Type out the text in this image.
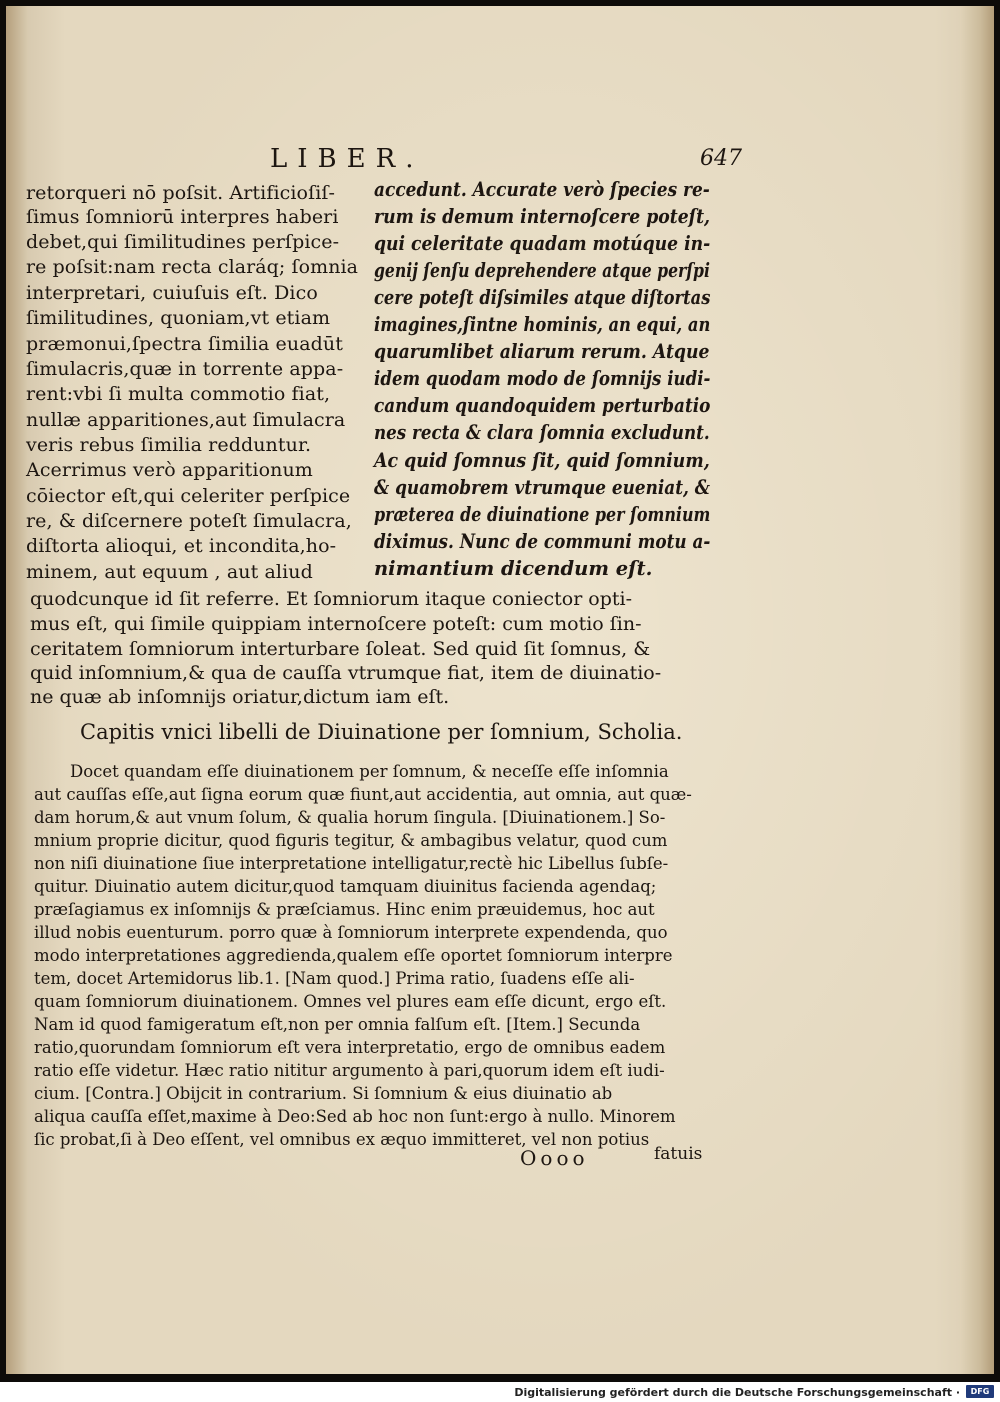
LIBER.	647
retorqueri nō poſsit. Artificioſiſ-
ſimus ſomniorū interpres haberi
debet,qui ſimilitudines perſpice-
re poſsit:nam recta claráq; ſomnia
interpretari, cuiuſuis eſt. Dico
ſimilitudines, quoniam,vt etiam
præmonui,ſpectra ſimilia euadūt
ſimulacris,quæ in torrente appa-
rent:vbi ſi multa commotio fiat,
nullæ apparitiones,aut ſimulacra
veris rebus ſimilia redduntur.
Acerrimus verò apparitionum
cōiector eſt,qui celeriter perſpice
re, & diſcernere poteſt ſimulacra,
diſtorta alioqui, et incondita,ho-
minem, aut equum , aut aliud
accedunt. Accurate verò ſpecies re-
rum is demum internoſcere poteſt,
qui celeritate quadam motúque in-
genij ſenſu deprehendere atque perſpi
cere poteſt diſsimiles atque diſtortas
imagines,ſintne hominis, an equi, an
quarumlibet aliarum rerum. Atque
idem quodam modo de ſomnijs iudi-
candum quandoquidem perturbatio
nes recta & clara ſomnia excludunt.
Ac quid ſomnus ſit, quid ſomnium,
& quamobrem vtrumque eueniat, &
præterea de diuinatione per ſomnium
diximus. Nunc de communi motu a-
nimantium dicendum eſt.
quodcunque id ſit referre. Et ſomniorum itaque coniector opti-
mus eſt, qui ſimile quippiam internoſcere poteſt: cum motio ſin-
ceritatem ſomniorum interturbare ſoleat. Sed quid ſit ſomnus, &
quid inſomnium,& qua de cauſſa vtrumque fiat, item de diuinatio-
ne quæ ab inſomnijs oriatur,dictum iam eſt.
Capitis vnici libelli de Diuinatione per ſomnium, Scholia.
Docet quandam eſſe diuinationem per ſomnum, & neceſſe eſſe inſomnia
aut cauſſas eſſe,aut ſigna eorum quæ fiunt,aut accidentia, aut omnia, aut quæ-
dam horum,& aut vnum ſolum, & qualia horum ſingula. [Diuinationem.] So-
mnium proprie dicitur, quod figuris tegitur, & ambagibus velatur, quod cum
non niſi diuinatione ſiue interpretatione intelligatur,rectè hic Libellus ſubſe-
quitur. Diuinatio autem dicitur,quod tamquam diuinitus facienda agendaq;
præſagiamus ex inſomnijs & præſciamus. Hinc enim præuidemus, hoc aut
illud nobis euenturum. porro quæ à ſomniorum interprete expendenda, quo
modo interpretationes aggredienda,qualem eſſe oportet ſomniorum interpre
tem, docet Artemidorus lib.1. [Nam quod.] Prima ratio, ſuadens eſſe ali-
quam ſomniorum diuinationem. Omnes vel plures eam eſſe dicunt, ergo eſt.
Nam id quod famigeratum eſt,non per omnia falſum eſt. [Item.] Secunda
ratio,quorundam ſomniorum eſt vera interpretatio, ergo de omnibus eadem
ratio eſſe videtur. Hæc ratio nititur argumento à pari,quorum idem eſt iudi-
cium. [Contra.] Obijcit in contrarium. Si ſomnium & eius diuinatio ab
aliqua cauſſa eſſet,maxime à Deo:Sed ab hoc non ſunt:ergo à nullo. Minorem
ſic probat,ſi à Deo eſſent, vel omnibus ex æquo immitteret, vel non potius
Oooo	fatuis
Digitalisierung gefördert durch die Deutsche Forschungsgemeinschaft ·	DFG
